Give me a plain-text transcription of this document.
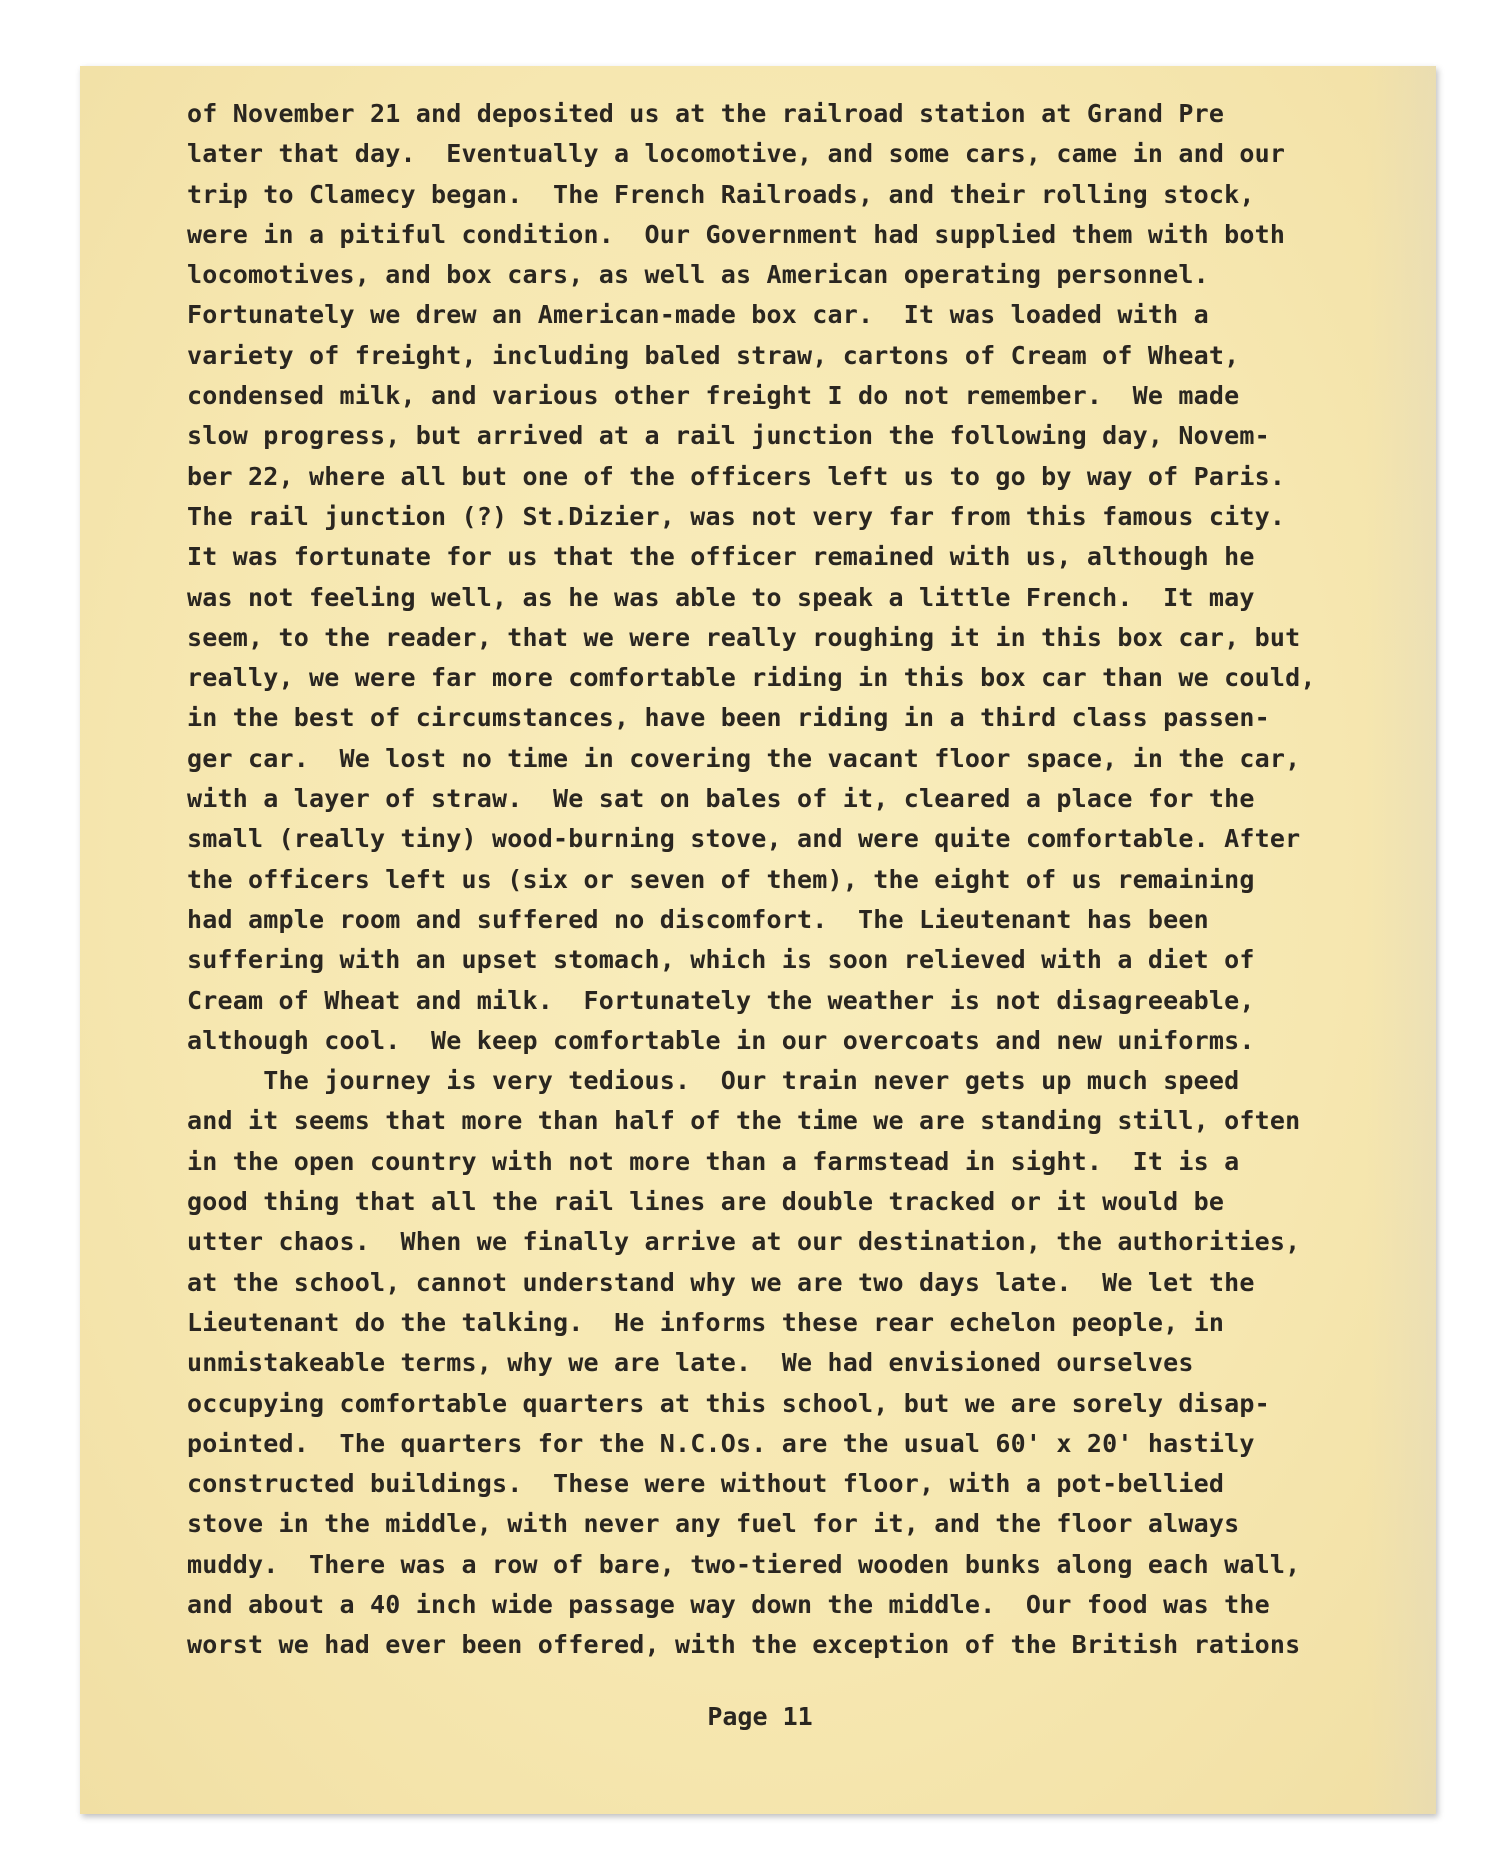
of November 21 and deposited us at the railroad station at Grand Pre
later that day.  Eventually a locomotive, and some cars, came in and our
trip to Clamecy began.  The French Railroads, and their rolling stock,
were in a pitiful condition.  Our Government had supplied them with both
locomotives, and box cars, as well as American operating personnel.
Fortunately we drew an American-made box car.  It was loaded with a
variety of freight, including baled straw, cartons of Cream of Wheat,
condensed milk, and various other freight I do not remember.  We made
slow progress, but arrived at a rail junction the following day, Novem-
ber 22, where all but one of the officers left us to go by way of Paris.
The rail junction (?) St.Dizier, was not very far from this famous city.
It was fortunate for us that the officer remained with us, although he
was not feeling well, as he was able to speak a little French.  It may
seem, to the reader, that we were really roughing it in this box car, but
really, we were far more comfortable riding in this box car than we could,
in the best of circumstances, have been riding in a third class passen-
ger car.  We lost no time in covering the vacant floor space, in the car,
with a layer of straw.  We sat on bales of it, cleared a place for the
small (really tiny) wood-burning stove, and were quite comfortable. After
the officers left us (six or seven of them), the eight of us remaining
had ample room and suffered no discomfort.  The Lieutenant has been
suffering with an upset stomach, which is soon relieved with a diet of
Cream of Wheat and milk.  Fortunately the weather is not disagreeable,
although cool.  We keep comfortable in our overcoats and new uniforms.
The journey is very tedious.  Our train never gets up much speed
and it seems that more than half of the time we are standing still, often
in the open country with not more than a farmstead in sight.  It is a
good thing that all the rail lines are double tracked or it would be
utter chaos.  When we finally arrive at our destination, the authorities,
at the school, cannot understand why we are two days late.  We let the
Lieutenant do the talking.  He informs these rear echelon people, in
unmistakeable terms, why we are late.  We had envisioned ourselves
occupying comfortable quarters at this school, but we are sorely disap-
pointed.  The quarters for the N.C.Os. are the usual 60' x 20' hastily
constructed buildings.  These were without floor, with a pot-bellied
stove in the middle, with never any fuel for it, and the floor always
muddy.  There was a row of bare, two-tiered wooden bunks along each wall,
and about a 40 inch wide passage way down the middle.  Our food was the
worst we had ever been offered, with the exception of the British rations
Page 11
